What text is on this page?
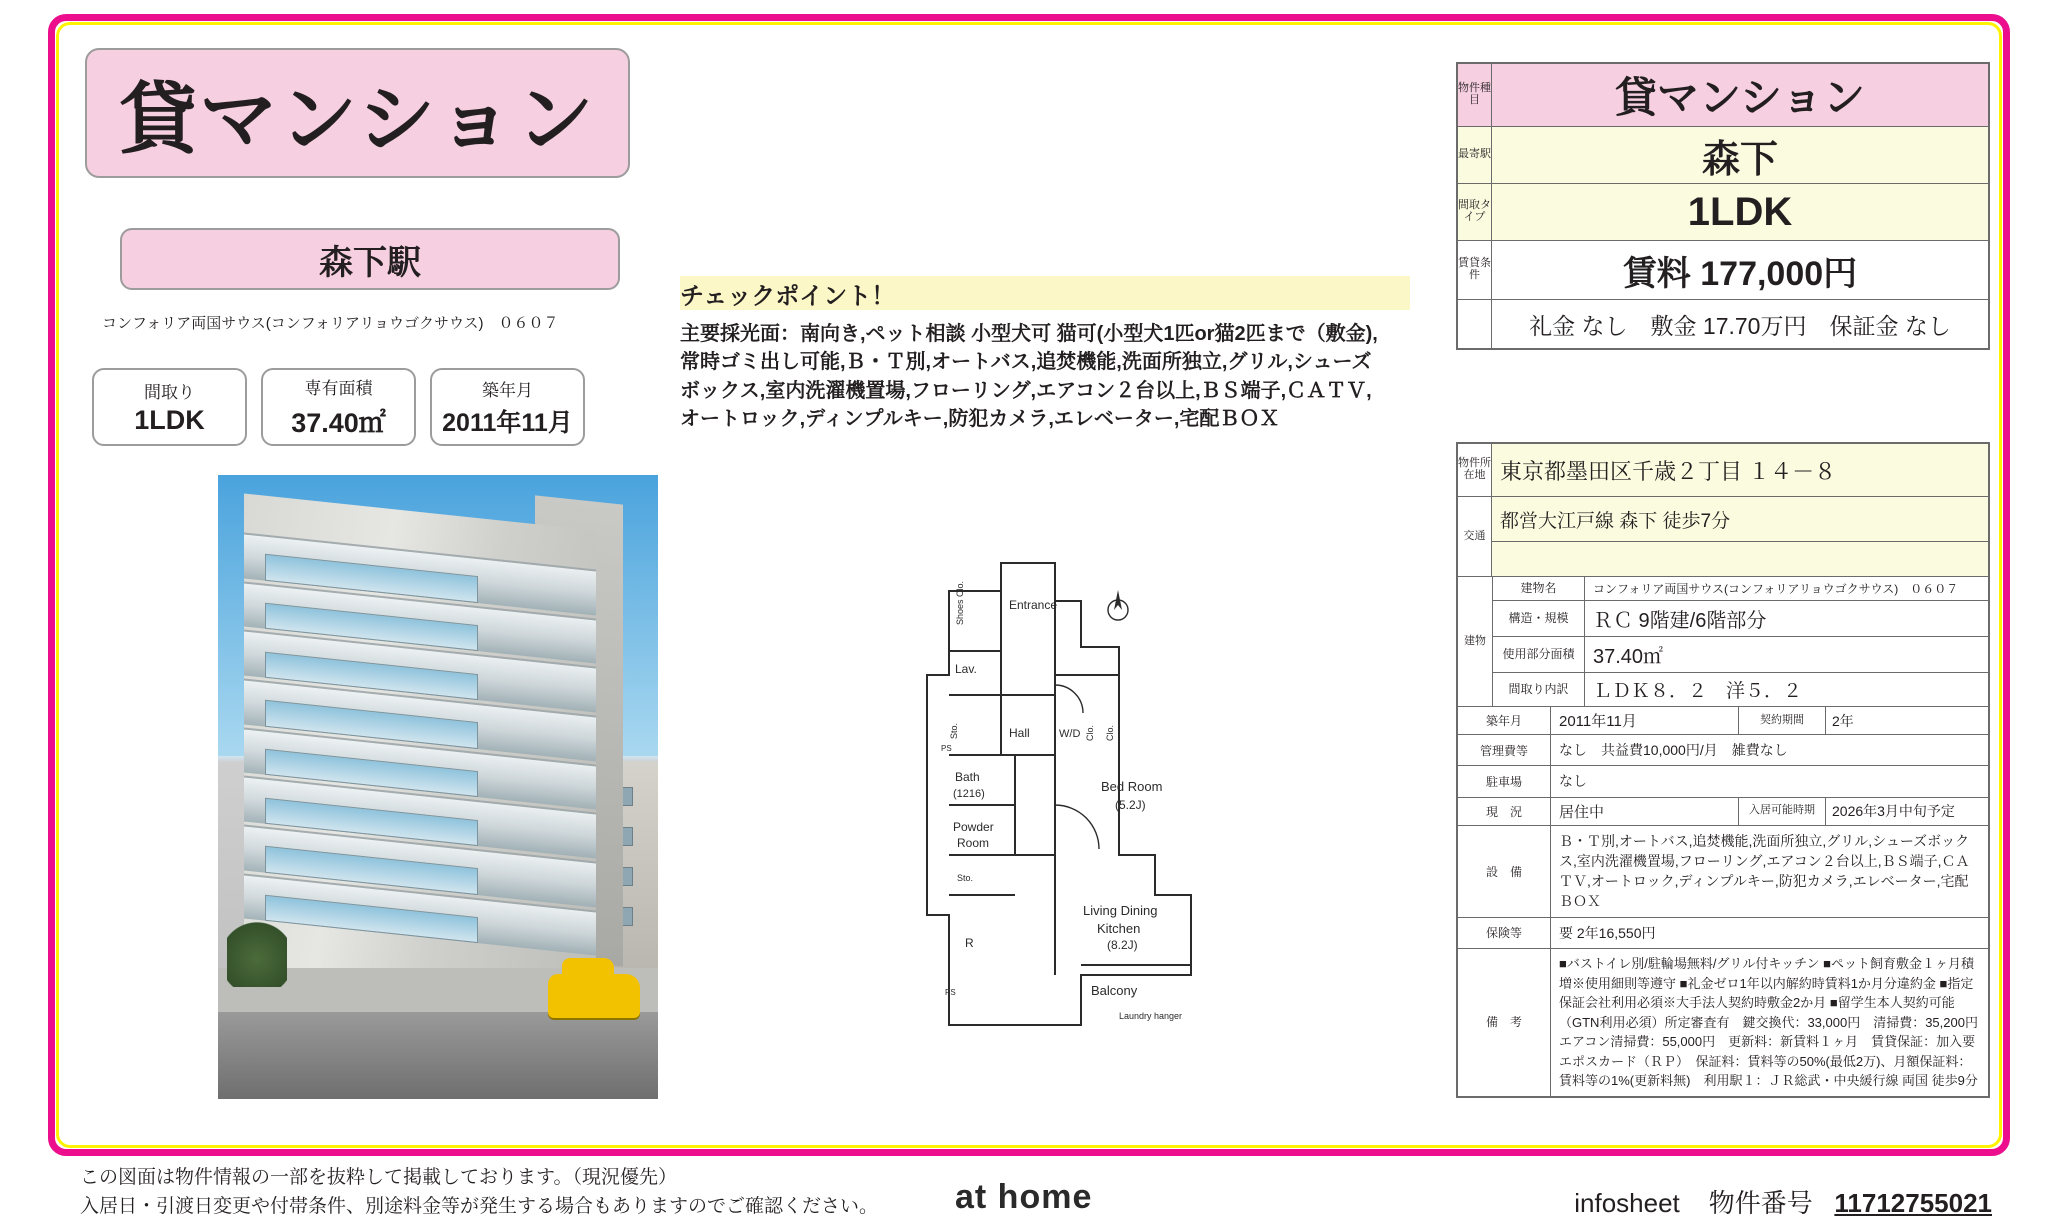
貸マンション
森下駅
コンフォリア両国サウス(コンフォリアリョウゴクサウス)　０６０７
間取り
1LDK
専有面積
37.40㎡
築年月
2011年11月
チェックポイント！
主要採光面：南向き,ペット相談 小型犬可 猫可(小型犬1匹or猫2匹まで（敷金),
常時ゴミ出し可能,Ｂ・Ｔ別,オートバス,追焚機能,洗面所独立,グリル,シューズ
ボックス,室内洗濯機置場,フローリング,エアコン２台以上,ＢＳ端子,ＣＡＴＶ,
オートロック,ディンプルキー,防犯カメラ,エレベーター,宅配ＢＯＸ
Shoes Clo.	Entrance
Lav.
Sto.
PS
Hall	W/D Clo. Clo.
Bath
(1216)
Powder
Room
Sto.
Bed Room
(5.2J)
Living Dining
Kitchen
(8.2J)
R
PS	Balcony
Laundry hanger
物件種目	貸マンション
最寄駅	森下
間取タイプ	1LDK
賃貸条件	賃料 177,000円
礼金 なし　敷金 17.70万円　保証金 なし
物件所在地 東京都墨田区千歳２丁目 １４－８
交通
都営大江戸線 森下 徒歩7分
建物
建物名	コンフォリア両国サウス(コンフォリアリョウゴクサウス)　０６０７
構造・規模	ＲＣ 9階建/6階部分
使用部分面積 37.40㎡
間取り内訳	ＬＤＫ８．２　洋５．２
築年月	2011年11月	契約期間	2年
管理費等	なし　共益費10,000円/月　雑費なし
駐車場	なし
現　況	居住中	入居可能時期	2026年3月中旬予定
設　備
Ｂ・Ｔ別,オートバス,追焚機能,洗面所独立,グリル,シューズボックス,室内洗濯機置場,フローリング,エアコン２台以上,ＢＳ端子,ＣＡＴＶ,オートロック,ディンプルキー,防犯カメラ,エレベーター,宅配ＢＯＸ
保険等	要 2年16,550円
備　考
■バストイレ別/駐輪場無料/グリル付キッチン ■ペット飼育敷金１ヶ月積増※使用細則等遵守 ■礼金ゼロ1年以内解約時賃料1か月分違約金 ■指定保証会社利用必須※大手法人契約時敷金2か月 ■留学生本人契約可能（GTN利用必須）所定審査有　鍵交換代：33,000円　清掃費：35,200円　エアコン清掃費：55,000円　更新料：新賃料１ヶ月　賃貸保証：加入要 エポスカード（ＲＰ）　保証料：賃料等の50%(最低2万)、月額保証料：賃料等の1%(更新料無)　利用駅１：ＪＲ総武・中央緩行線 両国 徒歩9分
この図面は物件情報の一部を抜粋して掲載しております。（現況優先）
入居日・引渡日変更や付帯条件、別途料金等が発生する場合もありますのでご確認ください。	at home	infosheet 物件番号 11712755021
